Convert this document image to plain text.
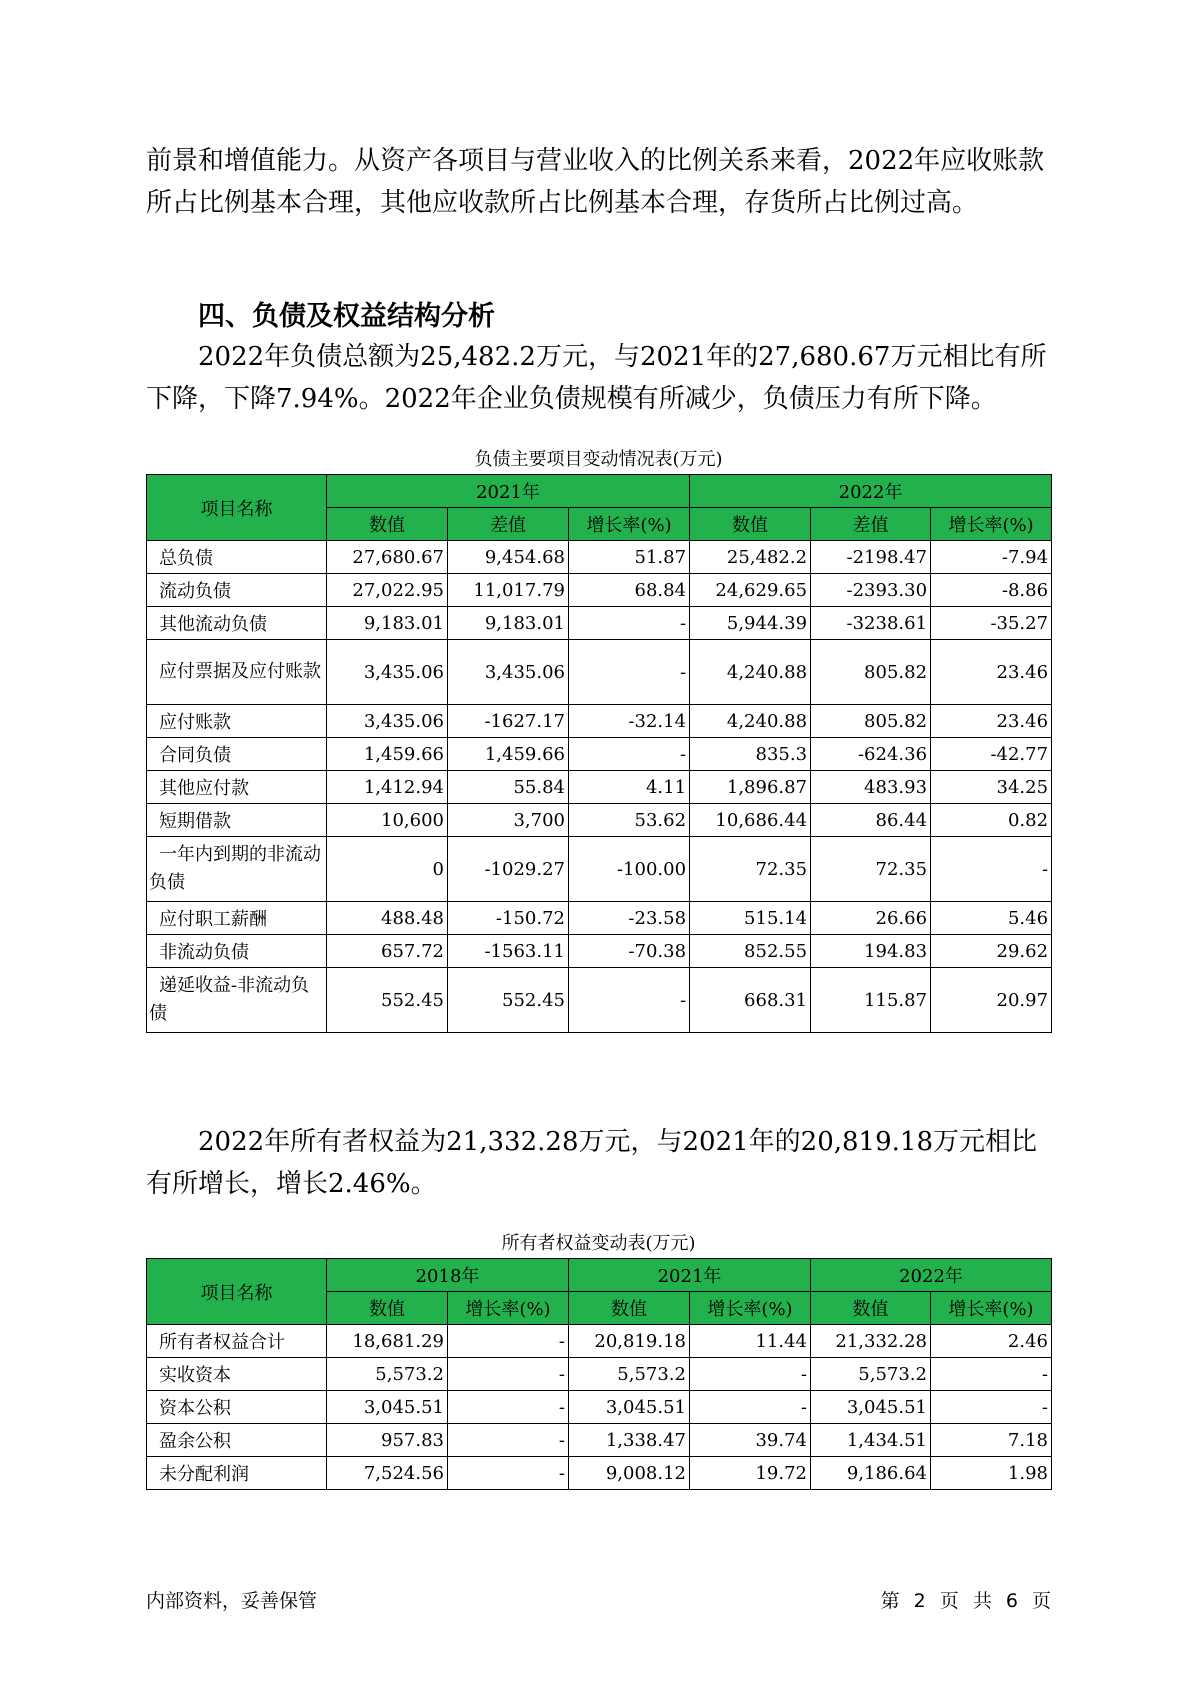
前景和增值能力。从资产各项目与营业收入的比例关系来看，2022年应收账款所占比例基本合理，其他应收款所占比例基本合理，存货所占比例过高。

四、负债及权益结构分析

2022年负债总额为25,482.2万元，与2021年的27,680.67万元相比有所下降，下降7.94%。2022年企业负债规模有所减少，负债压力有所下降。

负债主要项目变动情况表(万元)
项目名称	2021年			2022年		
	数值	差值	增长率(%)	数值	差值	增长率(%)
总负债	27,680.67	9,454.68	51.87	25,482.2	-2198.47	-7.94
流动负债	27,022.95	11,017.79	68.84	24,629.65	-2393.30	-8.86
其他流动负债	9,183.01	9,183.01	-	5,944.39	-3238.61	-35.27
应付票据及应付账款	3,435.06	3,435.06	-	4,240.88	805.82	23.46
应付账款	3,435.06	-1627.17	-32.14	4,240.88	805.82	23.46
合同负债	1,459.66	1,459.66	-	835.3	-624.36	-42.77
其他应付款	1,412.94	55.84	4.11	1,896.87	483.93	34.25
短期借款	10,600	3,700	53.62	10,686.44	86.44	0.82
一年内到期的非流动负债	0	-1029.27	-100.00	72.35	72.35	-
应付职工薪酬	488.48	-150.72	-23.58	515.14	26.66	5.46
非流动负债	657.72	-1563.11	-70.38	852.55	194.83	29.62
递延收益-非流动负债	552.45	552.45	-	668.31	115.87	20.97

2022年所有者权益为21,332.28万元，与2021年的20,819.18万元相比有所增长，增长2.46%。

所有者权益变动表(万元)
项目名称	2018年		2021年		2022年	
	数值	增长率(%)	数值	增长率(%)	数值	增长率(%)
所有者权益合计	18,681.29	-	20,819.18	11.44	21,332.28	2.46
实收资本	5,573.2	-	5,573.2	-	5,573.2	-
资本公积	3,045.51	-	3,045.51	-	3,045.51	-
盈余公积	957.83	-	1,338.47	39.74	1,434.51	7.18
未分配利润	7,524.56	-	9,008.12	19.72	9,186.64	1.98
内部资料，妥善保管	第 2 页 共 6 页
